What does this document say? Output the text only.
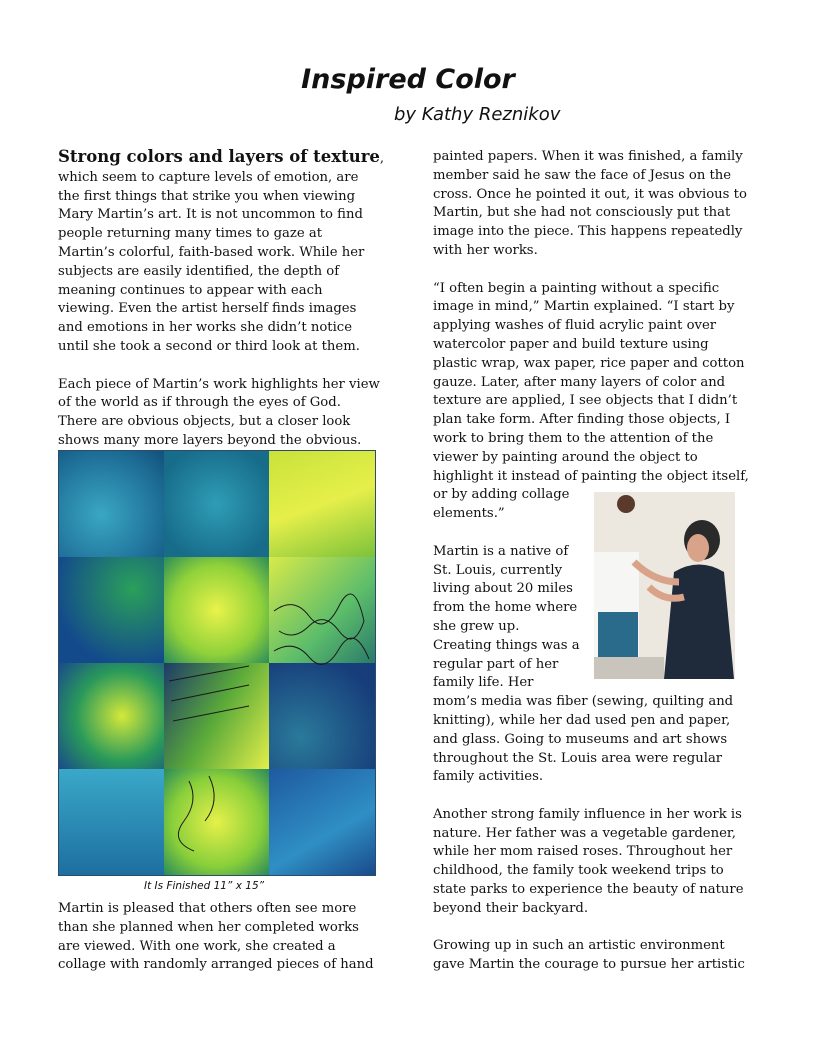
Inspired Color
by Kathy Reznikov

Strong colors and layers of texture,
which seem to capture levels of emotion, are
the first things that strike you when viewing
Mary Martin’s art. It is not uncommon to find
people returning many times to gaze at
Martin’s colorful, faith-based work. While her
subjects are easily identified, the depth of
meaning continues to appear with each
viewing. Even the artist herself finds images
and emotions in her works she didn’t notice
until she took a second or third look at them.

Each piece of Martin’s work highlights her view
of the world as if through the eyes of God.
There are obvious objects, but a closer look
shows many more layers beyond the obvious.

It Is Finished 11” x 15”

Martin is pleased that others often see more
than she planned when her completed works
are viewed. With one work, she created a
collage with randomly arranged pieces of hand

painted papers. When it was finished, a family
member said he saw the face of Jesus on the
cross. Once he pointed it out, it was obvious to
Martin, but she had not consciously put that
image into the piece. This happens repeatedly
with her works.

“I often begin a painting without a specific
image in mind,” Martin explained. “I start by
applying washes of fluid acrylic paint over
watercolor paper and build texture using
plastic wrap, wax paper, rice paper and cotton
gauze. Later, after many layers of color and
texture are applied, I see objects that I didn’t
plan take form. After finding those objects, I
work to bring them to the attention of the
viewer by painting around the object to
highlight it instead of painting the object itself,
or by adding collage
elements.”

Martin is a native of
St. Louis, currently
living about 20 miles
from the home where
she grew up.
Creating things was a
regular part of her
family life. Her
mom’s media was fiber (sewing, quilting and
knitting), while her dad used pen and paper,
and glass. Going to museums and art shows
throughout the St. Louis area were regular
family activities.

Another strong family influence in her work is
nature. Her father was a vegetable gardener,
while her mom raised roses. Throughout her
childhood, the family took weekend trips to
state parks to experience the beauty of nature
beyond their backyard.

Growing up in such an artistic environment
gave Martin the courage to pursue her artistic
